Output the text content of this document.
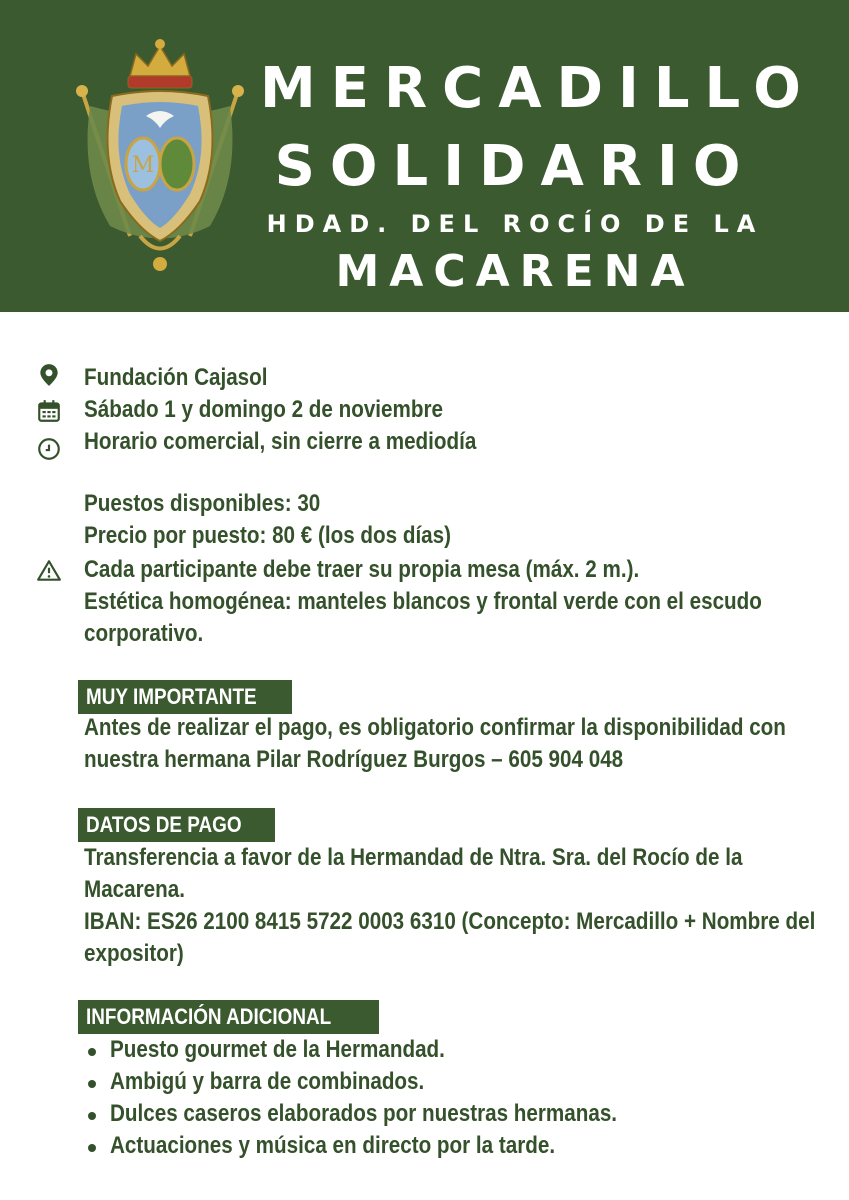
M
MERCADILLO
SOLIDARIO
HDAD. DEL ROCÍO DE LA
MACARENA
Fundación Cajasol
Sábado 1 y domingo 2 de noviembre
Horario comercial, sin cierre a mediodía
Puestos disponibles: 30
Precio por puesto: 80 € (los dos días)
Cada participante debe traer su propia mesa (máx. 2 m.).
Estética homogénea: manteles blancos y frontal verde con el escudo
corporativo.
MUY IMPORTANTE
Antes de realizar el pago, es obligatorio confirmar la disponibilidad con
nuestra hermana Pilar Rodríguez Burgos – 605 904 048
DATOS DE PAGO
Transferencia a favor de la Hermandad de Ntra. Sra. del Rocío de la
Macarena.
IBAN: ES26 2100 8415 5722 0003 6310 (Concepto: Mercadillo + Nombre del
expositor)
INFORMACIÓN ADICIONAL
Puesto gourmet de la Hermandad.
Ambigú y barra de combinados.
Dulces caseros elaborados por nuestras hermanas.
Actuaciones y música en directo por la tarde.
